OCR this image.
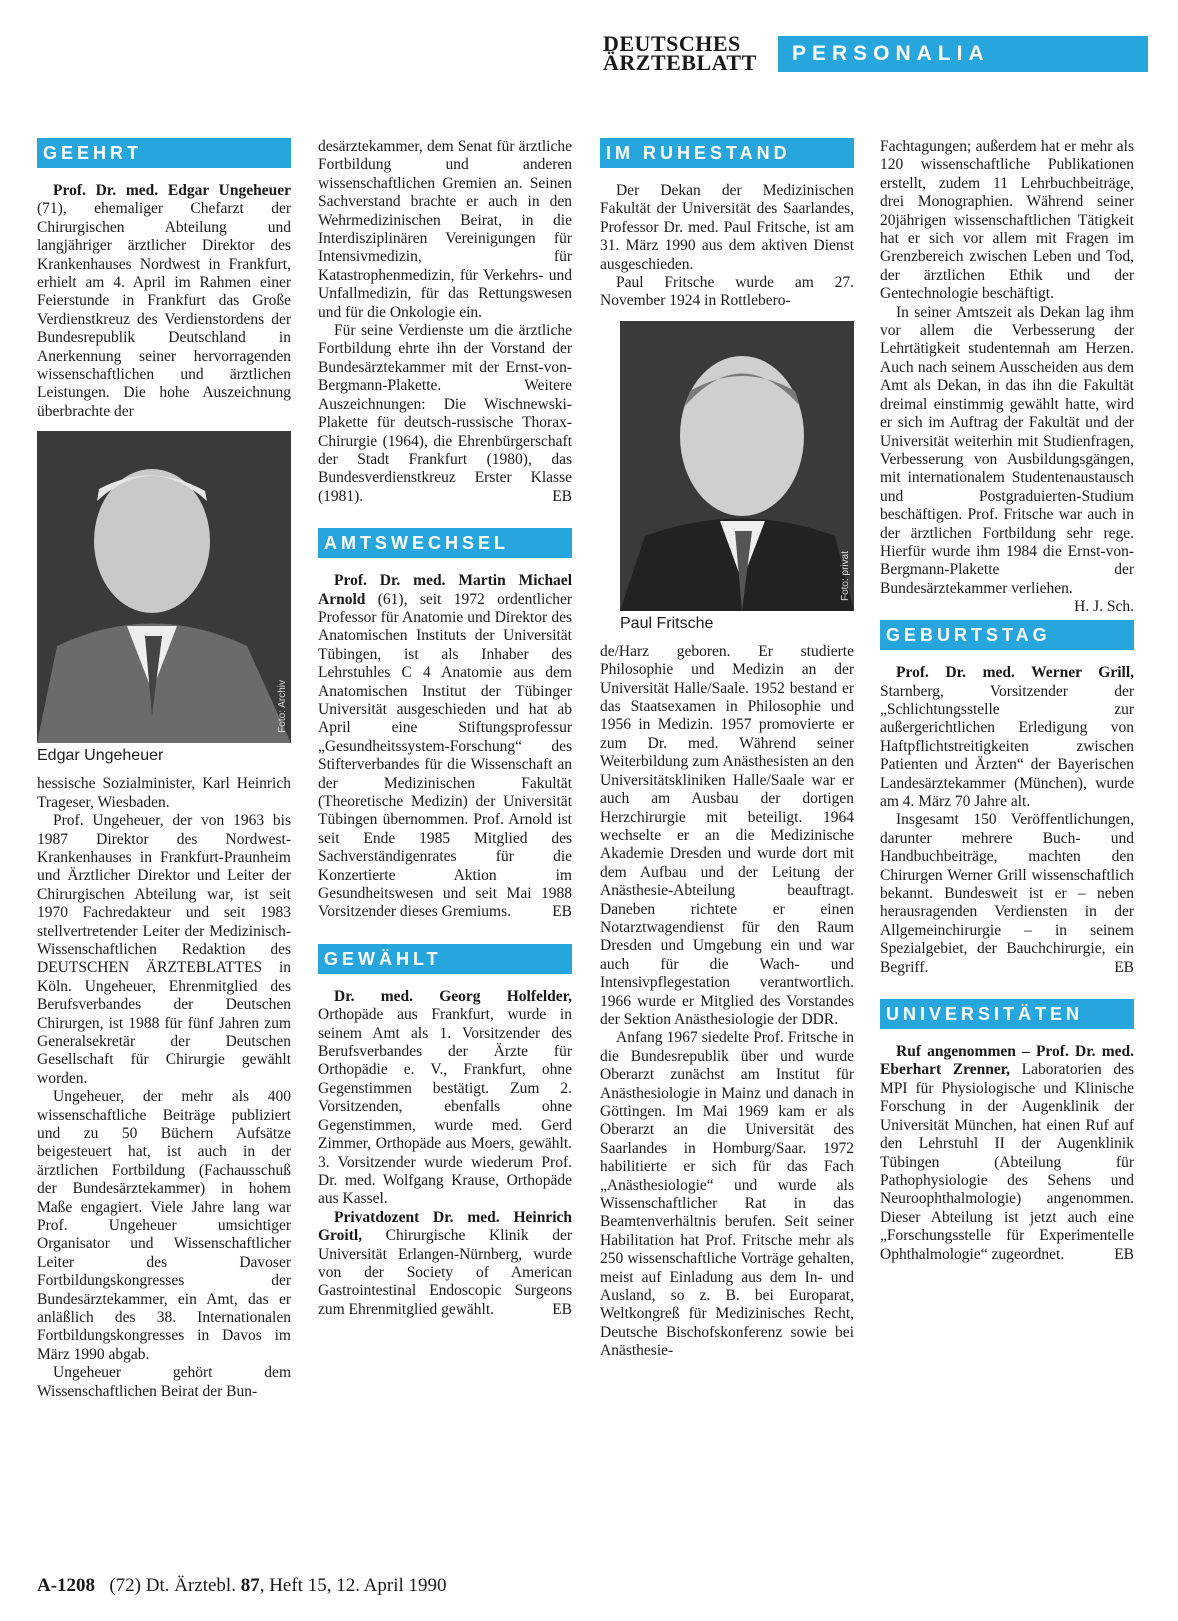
DEUTSCHES
ÄRZTEBLATT	PERSONALIA
GEEHRT

Prof. Dr. med. Edgar Ungeheuer (71), ehemaliger Chefarzt der Chirurgischen Abteilung und langjähriger ärztlicher Direktor des Krankenhauses Nordwest in Frankfurt, erhielt am 4. April im Rahmen einer Feierstunde in Frankfurt das Große Verdienstkreuz des Verdienstordens der Bundesrepublik Deutschland in Anerkennung seiner hervorragenden wissenschaftlichen und ärztlichen Leistungen. Die hohe Auszeichnung überbrachte der

Foto: Archiv
Edgar Ungeheuer

hessische Sozialminister, Karl Heinrich Trageser, Wiesbaden.

Prof. Ungeheuer, der von 1963 bis 1987 Direktor des Nordwest-Krankenhauses in Frankfurt-Praunheim und Ärztlicher Direktor und Leiter der Chirurgischen Abteilung war, ist seit 1970 Fachredakteur und seit 1983 stellvertretender Leiter der Medizinisch-Wissenschaftlichen Redaktion des DEUTSCHEN ÄRZTEBLATTES in Köln. Ungeheuer, Ehrenmitglied des Berufsverbandes der Deutschen Chirurgen, ist 1988 für fünf Jahren zum Generalsekretär der Deutschen Gesellschaft für Chirurgie gewählt worden.

Ungeheuer, der mehr als 400 wissenschaftliche Beiträge publiziert und zu 50 Büchern Aufsätze beigesteuert hat, ist auch in der ärztlichen Fortbildung (Fachausschuß der Bundesärztekammer) in hohem Maße engagiert. Viele Jahre lang war Prof. Ungeheuer umsichtiger Organisator und Wissenschaftlicher Leiter des Davoser Fortbildungskongresses der Bundesärztekammer, ein Amt, das er anläßlich des 38. Internationalen Fortbildungskongresses in Davos im März 1990 abgab.

Ungeheuer gehört dem Wissenschaftlichen Beirat der Bun-

desärztekammer, dem Senat für ärztliche Fortbildung und anderen wissenschaftlichen Gremien an. Seinen Sachverstand brachte er auch in den Wehrmedizinischen Beirat, in die Interdisziplinären Vereinigungen für Intensivmedizin, für Katastrophenmedizin, für Verkehrs- und Unfallmedizin, für das Rettungswesen und für die Onkologie ein.

Für seine Verdienste um die ärztliche Fortbildung ehrte ihn der Vorstand der Bundesärztekammer mit der Ernst-von-Bergmann-Plakette. Weitere Auszeichnungen: Die Wischnewski-Plakette für deutsch-russische Thorax-Chirurgie (1964), die Ehrenbürgerschaft der Stadt Frankfurt (1980), das Bundesverdienstkreuz Erster Klasse (1981).	EB

AMTSWECHSEL

Prof. Dr. med. Martin Michael Arnold (61), seit 1972 ordentlicher Professor für Anatomie und Direktor des Anatomischen Instituts der Universität Tübingen, ist als Inhaber des Lehrstuhles C 4 Anatomie aus dem Anatomischen Institut der Tübinger Universität ausgeschieden und hat ab April eine Stiftungsprofessur „Gesundheitssystem-Forschung“ des Stifterverbandes für die Wissenschaft an der Medizinischen Fakultät (Theoretische Medizin) der Universität Tübingen übernommen. Prof. Arnold ist seit Ende 1985 Mitglied des Sachverständigenrates für die Konzertierte Aktion im Gesundheitswesen und seit Mai 1988 Vorsitzender dieses Gremiums.	EB

GEWÄHLT

Dr. med. Georg Holfelder, Orthopäde aus Frankfurt, wurde in seinem Amt als 1. Vorsitzender des Berufsverbandes der Ärzte für Orthopädie e. V., Frankfurt, ohne Gegenstimmen bestätigt. Zum 2. Vorsitzenden, ebenfalls ohne Gegenstimmen, wurde med. Gerd Zimmer, Orthopäde aus Moers, gewählt. 3. Vorsitzender wurde wiederum Prof. Dr. med. Wolfgang Krause, Orthopäde aus Kassel.

Privatdozent Dr. med. Heinrich Groitl, Chirurgische Klinik der Universität Erlangen-Nürnberg, wurde von der Society of American Gastrointestinal Endoscopic Surgeons zum Ehrenmitglied gewählt.	EB

IM RUHESTAND

Der Dekan der Medizinischen Fakultät der Universität des Saarlandes, Professor Dr. med. Paul Fritsche, ist am 31. März 1990 aus dem aktiven Dienst ausgeschieden.

Paul Fritsche wurde am 27. November 1924 in Rottlebero-

Foto: privat
Paul Fritsche

de/Harz geboren. Er studierte Philosophie und Medizin an der Universität Halle/Saale. 1952 bestand er das Staatsexamen in Philosophie und 1956 in Medizin. 1957 promovierte er zum Dr. med. Während seiner Weiterbildung zum Anästhesisten an den Universitätskliniken Halle/Saale war er auch am Ausbau der dortigen Herzchirurgie mit beteiligt. 1964 wechselte er an die Medizinische Akademie Dresden und wurde dort mit dem Aufbau und der Leitung der Anästhesie-Abteilung beauftragt. Daneben richtete er einen Notarztwagendienst für den Raum Dresden und Umgebung ein und war auch für die Wach- und Intensivpflegestation verantwortlich. 1966 wurde er Mitglied des Vorstandes der Sektion Anästhesiologie der DDR.

Anfang 1967 siedelte Prof. Fritsche in die Bundesrepublik über und wurde Oberarzt zunächst am Institut für Anästhesiologie in Mainz und danach in Göttingen. Im Mai 1969 kam er als Oberarzt an die Universität des Saarlandes in Homburg/Saar. 1972 habilitierte er sich für das Fach „Anästhesiologie“ und wurde als Wissenschaftlicher Rat in das Beamtenverhältnis berufen. Seit seiner Habilitation hat Prof. Fritsche mehr als 250 wissenschaftliche Vorträge gehalten, meist auf Einladung aus dem In- und Ausland, so z. B. bei Europarat, Weltkongreß für Medizinisches Recht, Deutsche Bischofskonferenz sowie bei Anästhesie-

Fachtagungen; außerdem hat er mehr als 120 wissenschaftliche Publikationen erstellt, zudem 11 Lehrbuchbeiträge, drei Monographien. Während seiner 20jährigen wissenschaftlichen Tätigkeit hat er sich vor allem mit Fragen im Grenzbereich zwischen Leben und Tod, der ärztlichen Ethik und der Gentechnologie beschäftigt.

In seiner Amtszeit als Dekan lag ihm vor allem die Verbesserung der Lehrtätigkeit studentennah am Herzen. Auch nach seinem Ausscheiden aus dem Amt als Dekan, in das ihn die Fakultät dreimal einstimmig gewählt hatte, wird er sich im Auftrag der Fakultät und der Universität weiterhin mit Studienfragen, Verbesserung von Ausbildungsgängen, mit internationalem Studentenaustausch und Postgraduierten-Studium beschäftigen. Prof. Fritsche war auch in der ärztlichen Fortbildung sehr rege. Hierfür wurde ihm 1984 die Ernst-von-Bergmann-Plakette der Bundesärztekammer verliehen.
H. J. Sch.

GEBURTSTAG

Prof. Dr. med. Werner Grill, Starnberg, Vorsitzender der „Schlichtungsstelle zur außergerichtlichen Erledigung von Haftpflichtstreitigkeiten zwischen Patienten und Ärzten“ der Bayerischen Landesärztekammer (München), wurde am 4. März 70 Jahre alt.

Insgesamt 150 Veröffentlichungen, darunter mehrere Buch- und Handbuchbeiträge, machten den Chirurgen Werner Grill wissenschaftlich bekannt. Bundesweit ist er – neben herausragenden Verdiensten in der Allgemeinchirurgie – in seinem Spezialgebiet, der Bauchchirurgie, ein Begriff.	EB

UNIVERSITÄTEN

Ruf angenommen – Prof. Dr. med. Eberhart Zrenner, Laboratorien des MPI für Physiologische und Klinische Forschung in der Augenklinik der Universität München, hat einen Ruf auf den Lehrstuhl II der Augenklinik Tübingen (Abteilung für Pathophysiologie des Sehens und Neuroophthalmologie) angenommen. Dieser Abteilung ist jetzt auch eine „Forschungsstelle für Experimentelle Ophthalmologie“ zugeordnet.	EB

A-1208 (72) Dt. Ärztebl. 87, Heft 15, 12. April 1990
